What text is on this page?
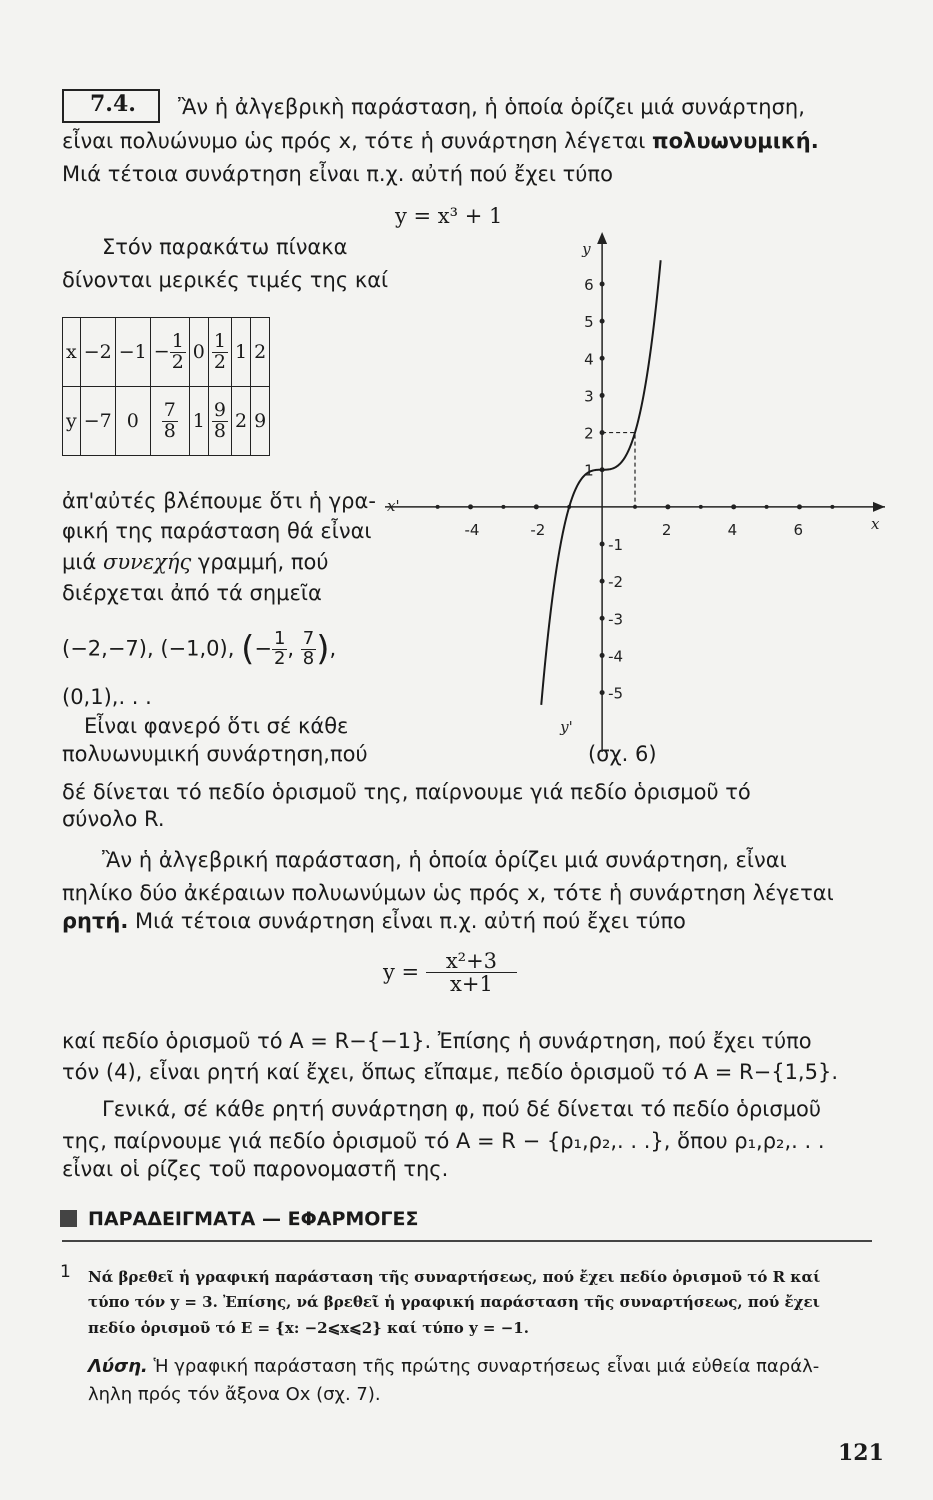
7.4. Ἂν ἡ ἀλγεβρικὴ παράσταση, ἡ ὁποία ὁρίζει μιά συνάρτηση,
εἶναι πολυώνυμο ὡς πρός x, τότε ἡ συνάρτηση λέγεται πολυωνυμική.
Μιά τέτοια συνάρτηση εἶναι π.χ. αὐτή πού ἔχει τύπο
y = x³ + 1
Στόν παρακάτω πίνακα
δίνονται μερικές τιμές της καί
x	−2	−1	− $\frac{1}{2}$	0	$\frac{1}{2}$	1	2
y	−7	0	$\frac{7}{8}$	1	$\frac{9}{8}$	2	9
ἀπ'αὐτές βλέπουμε ὅτι ἡ γρα-
φική της παράσταση θά εἶναι
μιά συνεχής γραμμή, πού
διέρχεται ἀπό τά σημεῖα
(−2,−7), (−1,0), (− $\frac{1}{2}$ , $\frac{7}{8}$ ),
(0,1),. . .
Εἶναι φανερό ὅτι σέ κάθε
πολυωνυμική συνάρτηση,πού	(σχ. 6)
-4	-2	2	4	6
1
2
3
4
5
6
-1
-2
-3
-4
-5
x
x'
y
y'
δέ δίνεται τό πεδίο ὁρισμοῦ της, παίρνουμε γιά πεδίο ὁρισμοῦ τό
σύνολο R.
Ἂν ἡ ἀλγεβρική παράσταση, ἡ ὁποία ὁρίζει μιά συνάρτηση, εἶναι
πηλίκο δύο ἀκέραιων πολυωνύμων ὡς πρός x, τότε ἡ συνάρτηση λέγεται
ρητή. Μιά τέτοια συνάρτηση εἶναι π.χ. αὐτή πού ἔχει τύπο
$y = \frac{\text{x²+3}}{x+1}$
καί πεδίο ὁρισμοῦ τό Α = R−{−1}. Ἐπίσης ἡ συνάρτηση, πού ἔχει τύπο
τόν (4), εἶναι ρητή καί ἔχει, ὅπως εἴπαμε, πεδίο ὁρισμοῦ τό Α = R−{1,5}.
Γενικά, σέ κάθε ρητή συνάρτηση φ, πού δέ δίνεται τό πεδίο ὁρισμοῦ
της, παίρνουμε γιά πεδίο ὁρισμοῦ τό Α = R − {ρ₁,ρ₂,. . .}, ὅπου ρ₁,ρ₂,. . .
εἶναι οἱ ρίζες τοῦ παρονομαστῆ της.
ΠΑΡΑΔΕΙΓΜΑΤΑ — ΕΦΑΡΜΟΓΕΣ
1 Νά βρεθεῖ ἡ γραφική παράσταση τῆς συναρτήσεως, πού ἔχει πεδίο ὁρισμοῦ τό R καί
τύπο τόν y = 3. Ἐπίσης, νά βρεθεῖ ἡ γραφική παράσταση τῆς συναρτήσεως, πού ἔχει
πεδίο ὁρισμοῦ τό Ε = {x: −2⩽x⩽2} καί τύπο y = −1.
Λύση. Ἡ γραφική παράσταση τῆς πρώτης συναρτήσεως εἶναι μιά εὐθεία παράλ-
ληλη πρός τόν ἄξονα Ox (σχ. 7).
121
